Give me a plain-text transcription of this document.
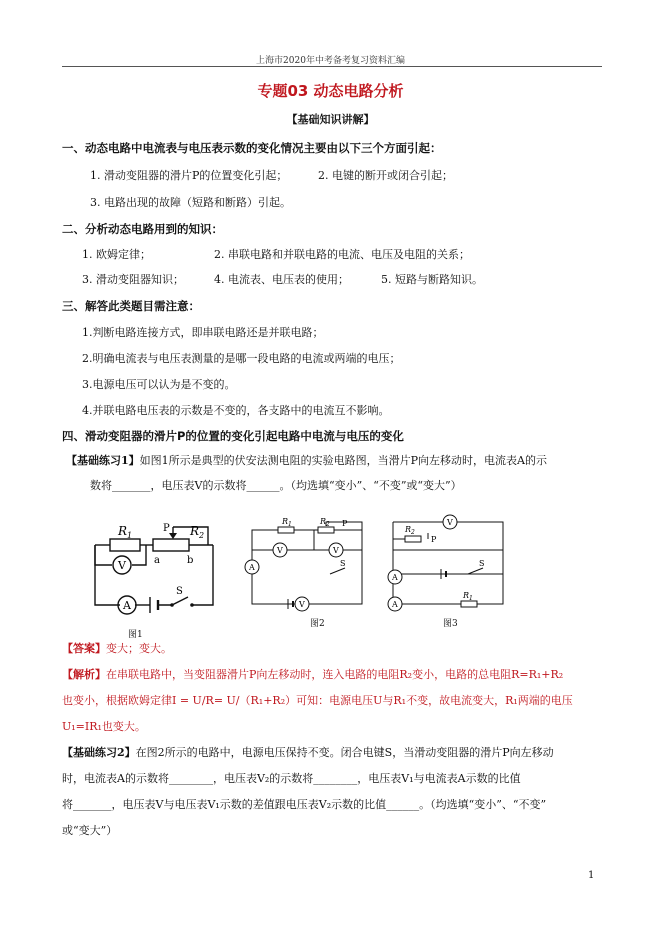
上海市2020年中考备考复习资料汇编
专题03 动态电路分析
【基础知识讲解】
一、动态电路中电流表与电压表示数的变化情况主要由以下三个方面引起：
1. 滑动变阻器的滑片P的位置变化引起；	2. 电键的断开或闭合引起；
3. 电路出现的故障（短路和断路）引起。
二、分析动态电路用到的知识：
1. 欧姆定律；	2. 串联电路和并联电路的电流、电压及电阻的关系；
3. 滑动变阻器知识；	4. 电流表、电压表的使用；	5. 短路与断路知识。
三、解答此类题目需注意：
1.判断电路连接方式，即串联电路还是并联电路；
2.明确电流表与电压表测量的是哪一段电路的电流或两端的电压；
3.电源电压可以认为是不变的。
4.并联电路电压表的示数是不变的，各支路中的电流互不影响。
四、滑动变阻器的滑片P的位置的变化引起电路中电流与电压的变化
【基础练习1】如图1所示是典型的伏安法测电阻的实验电路图，当滑片P向左移动时，电流表A的示
数将_______，电压表V的示数将______。（均选填“变小”、“不变”或“变大”）
$R_1$	$R_2$
P
a	b
S
V
A
图1
$R_1$	$R_2$ P
V	V
A	S
V
图2
$R_2$
P
V
A
A
$R_1$
S
图3
【答案】变大；变大。
【解析】在串联电路中，当变阻器滑片P向左移动时，连入电路的电阻R₂变小，电路的总电阻R=R₁+R₂
也变小，根据欧姆定律I = U/R= U/（R₁+R₂）可知：电源电压U与R₁不变，故电流变大，R₁两端的电压
U₁=IR₁也变大。
【基础练习2】在图2所示的电路中，电源电压保持不变。闭合电键S，当滑动变阻器的滑片P向左移动
时，电流表A的示数将________，电压表V₂的示数将________，电压表V₁与电流表A示数的比值
将_______，电压表V与电压表V₁示数的差值跟电压表V₂示数的比值______。（均选填“变小”、“不变”
或“变大”）
1
